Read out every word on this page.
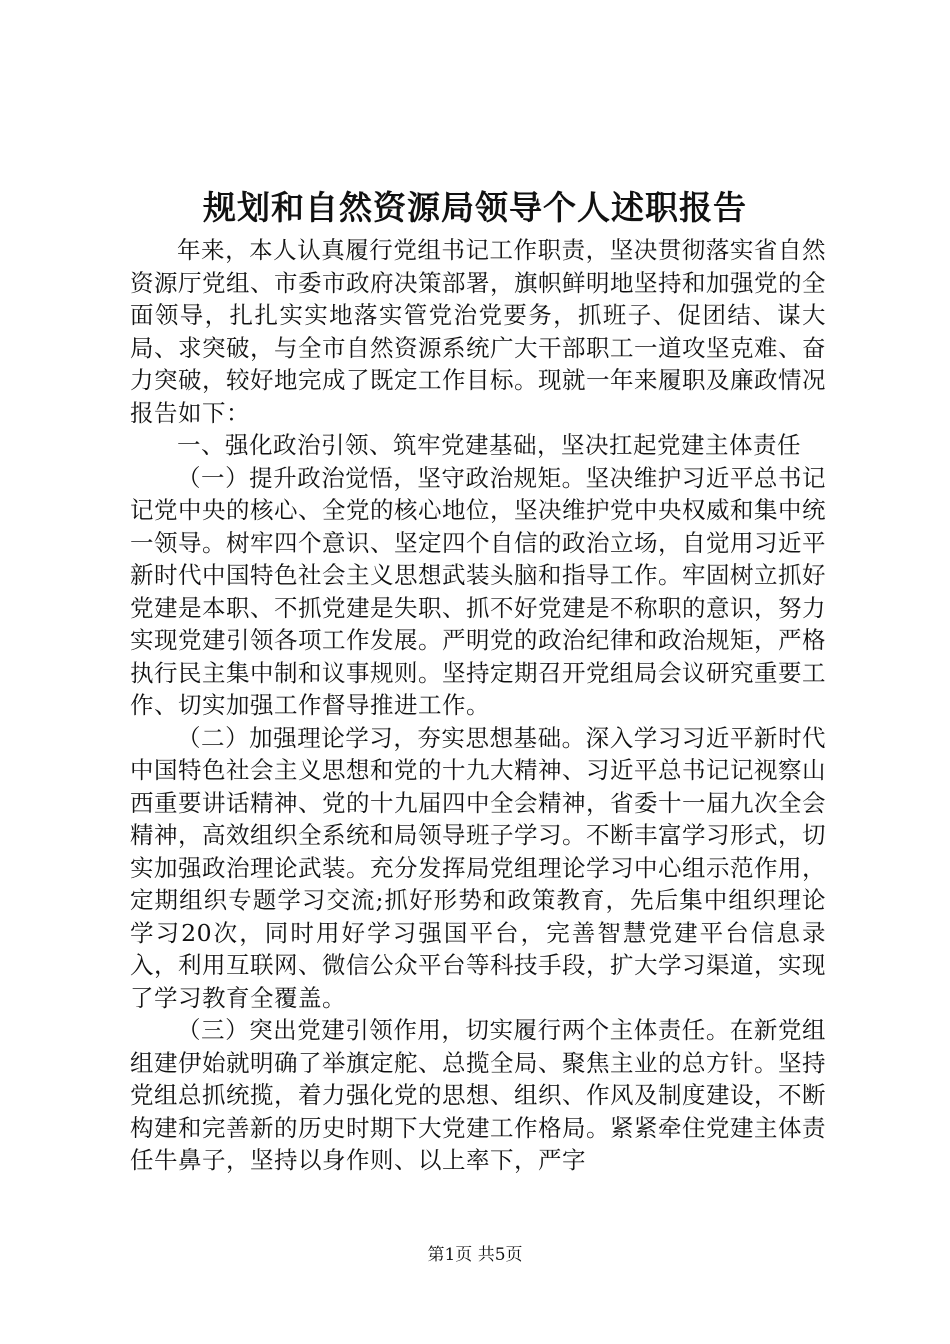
规划和自然资源局领导个人述职报告

年来，本人认真履行党组书记工作职责，坚决贯彻落实省自然资源厅党组、市委市政府决策部署，旗帜鲜明地坚持和加强党的全面领导，扎扎实实地落实管党治党要务，抓班子、促团结、谋大局、求突破，与全市自然资源系统广大干部职工一道攻坚克难、奋力突破，较好地完成了既定工作目标。现就一年来履职及廉政情况报告如下：

一、强化政治引领、筑牢党建基础，坚决扛起党建主体责任

（一）提升政治觉悟，坚守政治规矩。坚决维护习近平总书记记党中央的核心、全党的核心地位，坚决维护党中央权威和集中统一领导。树牢四个意识、坚定四个自信的政治立场，自觉用习近平新时代中国特色社会主义思想武装头脑和指导工作。牢固树立抓好党建是本职、不抓党建是失职、抓不好党建是不称职的意识，努力实现党建引领各项工作发展。严明党的政治纪律和政治规矩，严格执行民主集中制和议事规则。坚持定期召开党组局会议研究重要工作、切实加强工作督导推进工作。

（二）加强理论学习，夯实思想基础。深入学习习近平新时代中国特色社会主义思想和党的十九大精神、习近平总书记记视察山西重要讲话精神、党的十九届四中全会精神，省委十一届九次全会精神，高效组织全系统和局领导班子学习。不断丰富学习形式，切实加强政治理论武装。充分发挥局党组理论学习中心组示范作用，定期组织专题学习交流;抓好形势和政策教育，先后集中组织理论学习20次，同时用好学习强国平台，完善智慧党建平台信息录入，利用互联网、微信公众平台等科技手段，扩大学习渠道，实现了学习教育全覆盖。

（三）突出党建引领作用，切实履行两个主体责任。在新党组组建伊始就明确了举旗定舵、总揽全局、聚焦主业的总方针。坚持党组总抓统揽，着力强化党的思想、组织、作风及制度建设，不断构建和完善新的历史时期下大党建工作格局。紧紧牵住党建主体责任牛鼻子，坚持以身作则、以上率下，严字

第1页 共5页
